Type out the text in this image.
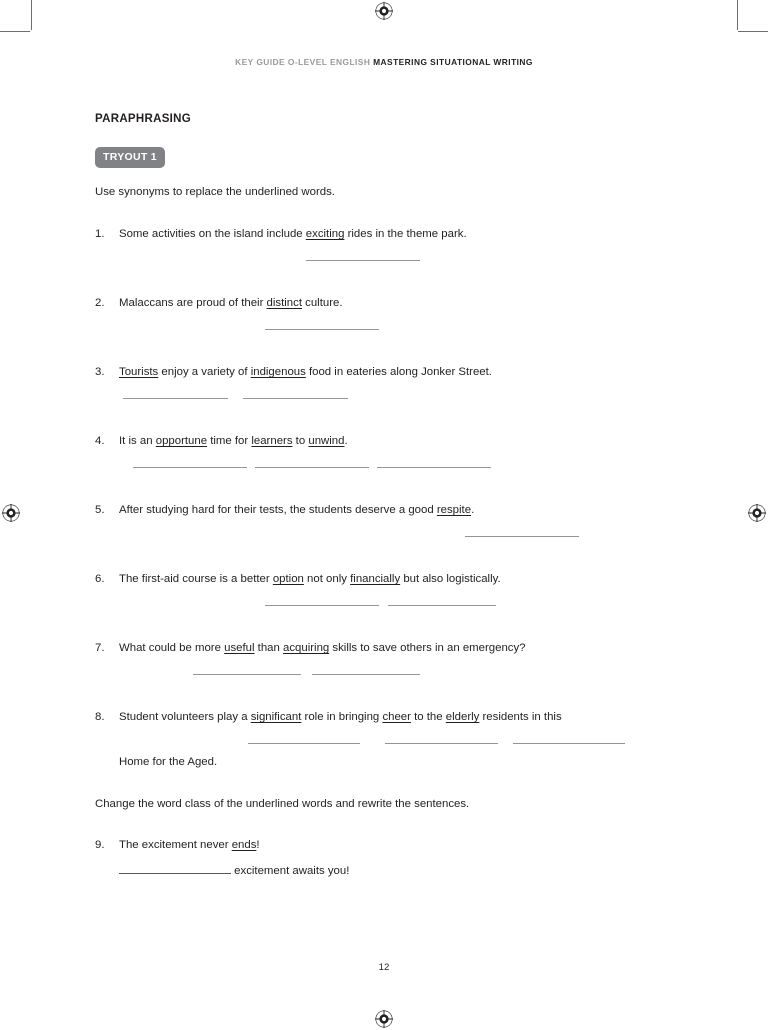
KEY GUIDE O-LEVEL ENGLISH MASTERING SITUATIONAL WRITING
PARAPHRASING
TRYOUT 1

Use synonyms to replace the underlined words.

1.	Some activities on the island include exciting rides in the theme park.
2.	Malaccans are proud of their distinct culture.
3.	Tourists enjoy a variety of indigenous food in eateries along Jonker Street.
4.	It is an opportune time for learners to unwind.
5.	After studying hard for their tests, the students deserve a good respite.
6.	The first-aid course is a better option not only financially but also logistically.
7.	What could be more useful than acquiring skills to save others in an emergency?
8.	Student volunteers play a significant role in bringing cheer to the elderly residents in this
Home for the Aged.

Change the word class of the underlined words and rewrite the sentences.

9.	The excitement never ends!
excitement awaits you!
12
